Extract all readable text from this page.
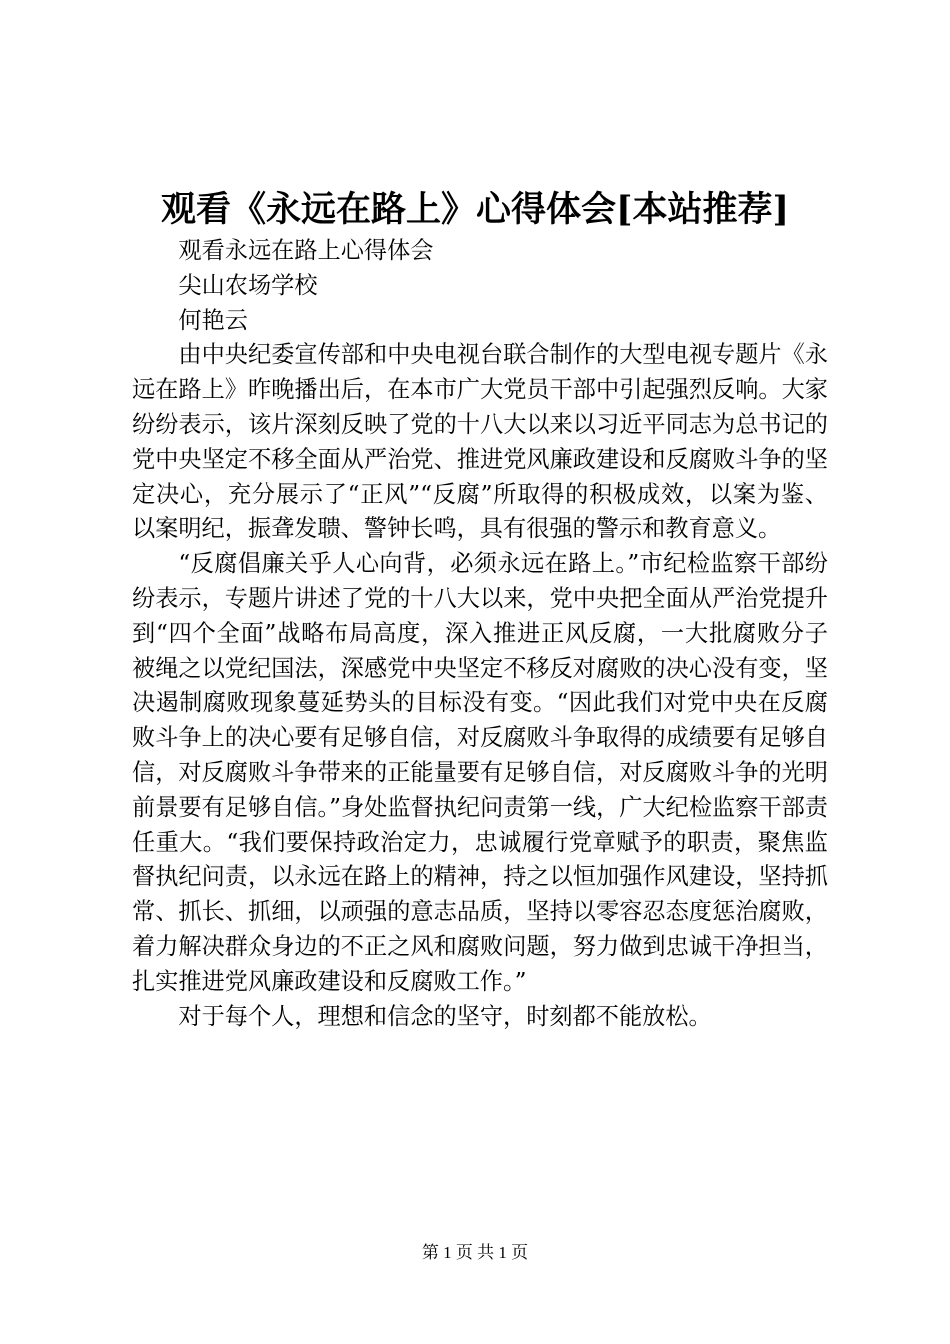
观看《永远在路上》心得体会[本站推荐]

观看永远在路上心得体会

尖山农场学校

何艳云

由中央纪委宣传部和中央电视台联合制作的大型电视专题片《永远在路上》昨晚播出后，在本市广大党员干部中引起强烈反响。大家纷纷表示，该片深刻反映了党的十八大以来以习近平同志为总书记的党中央坚定不移全面从严治党、推进党风廉政建设和反腐败斗争的坚定决心，充分展示了“正风”“反腐”所取得的积极成效，以案为鉴、以案明纪，振聋发聩、警钟长鸣，具有很强的警示和教育意义。

“反腐倡廉关乎人心向背，必须永远在路上。”市纪检监察干部纷纷表示，专题片讲述了党的十八大以来，党中央把全面从严治党提升到“四个全面”战略布局高度，深入推进正风反腐，一大批腐败分子被绳之以党纪国法，深感党中央坚定不移反对腐败的决心没有变，坚决遏制腐败现象蔓延势头的目标没有变。“因此我们对党中央在反腐败斗争上的决心要有足够自信，对反腐败斗争取得的成绩要有足够自信，对反腐败斗争带来的正能量要有足够自信，对反腐败斗争的光明前景要有足够自信。”身处监督执纪问责第一线，广大纪检监察干部责任重大。“我们要保持政治定力，忠诚履行党章赋予的职责，聚焦监督执纪问责，以永远在路上的精神，持之以恒加强作风建设，坚持抓常、抓长、抓细，以顽强的意志品质，坚持以零容忍态度惩治腐败，着力解决群众身边的不正之风和腐败问题，努力做到忠诚干净担当，扎实推进党风廉政建设和反腐败工作。”

对于每个人，理想和信念的坚守，时刻都不能放松。

第 1 页 共 1 页
